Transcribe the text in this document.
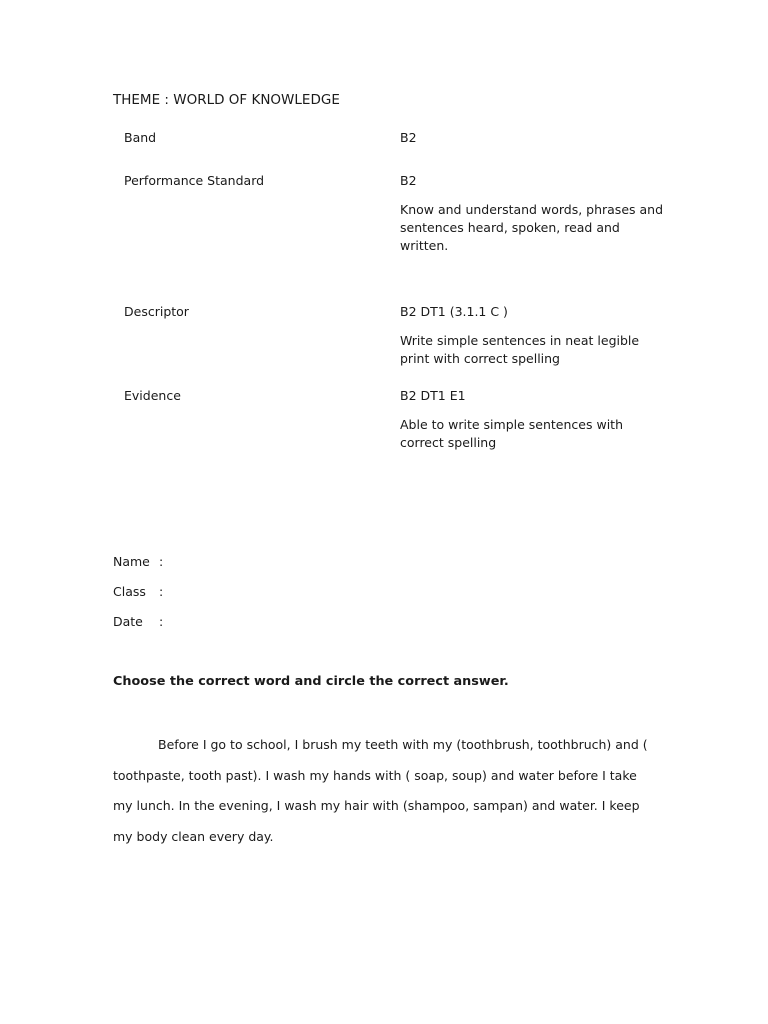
THEME : WORLD OF KNOWLEDGE
Band	B2
Performance Standard	B2
Know and understand words, phrases and sentences heard, spoken, read and written.
Descriptor	B2 DT1 (3.1.1 C )
Write simple sentences in neat legible print with correct spelling
Evidence	B2 DT1 E1
Able to write simple sentences with correct spelling
Name :
Class :
Date :
Choose the correct word and circle the correct answer.

Before I go to school, I brush my teeth with my (toothbrush, toothbruch) and ( toothpaste, tooth past). I wash my hands with ( soap, soup) and water before I take my lunch. In the evening, I wash my hair with (shampoo, sampan) and water. I keep my body clean every day.
